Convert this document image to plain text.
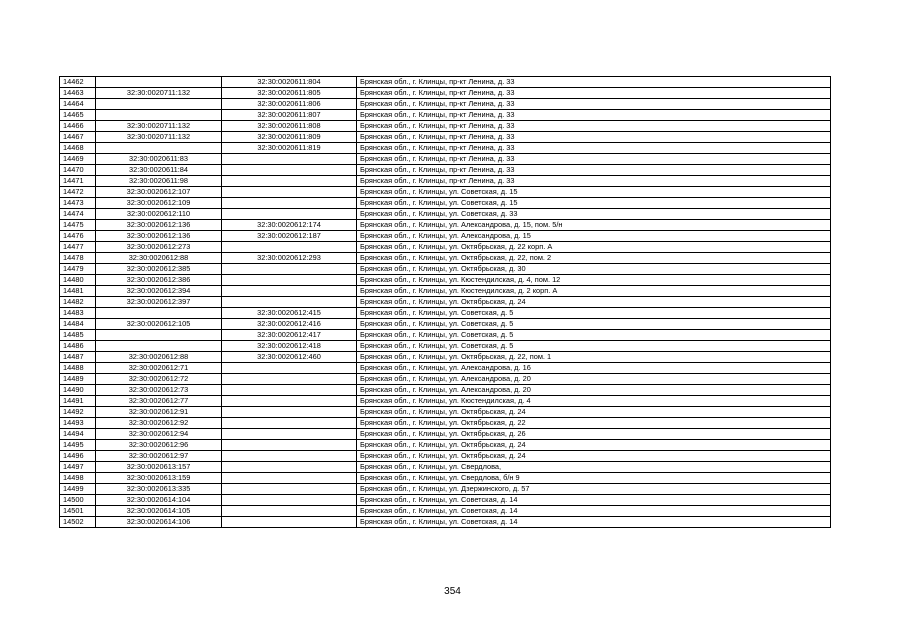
14462		32:30:0020611:804	Брянская обл., г. Клинцы, пр-кт Ленина, д. 33
14463	32:30:0020711:132	32:30:0020611:805	Брянская обл., г. Клинцы, пр-кт Ленина, д. 33
14464		32:30:0020611:806	Брянская обл., г. Клинцы, пр-кт Ленина, д. 33
14465		32:30:0020611:807	Брянская обл., г. Клинцы, пр-кт Ленина, д. 33
14466	32:30:0020711:132	32:30:0020611:808	Брянская обл., г. Клинцы, пр-кт Ленина, д. 33
14467	32:30:0020711:132	32:30:0020611:809	Брянская обл., г. Клинцы, пр-кт Ленина, д. 33
14468		32:30:0020611:819	Брянская обл., г. Клинцы, пр-кт Ленина, д. 33
14469	32:30:0020611:83		Брянская обл., г. Клинцы, пр-кт Ленина, д. 33
14470	32:30:0020611:84		Брянская обл., г. Клинцы, пр-кт Ленина, д. 33
14471	32:30:0020611:98		Брянская обл., г. Клинцы, пр-кт Ленина, д. 33
14472	32:30:0020612:107		Брянская обл., г. Клинцы, ул. Советская, д. 15
14473	32:30:0020612:109		Брянская обл., г. Клинцы, ул. Советская, д. 15
14474	32:30:0020612:110		Брянская обл., г. Клинцы, ул. Советская, д. 33
14475	32:30:0020612:136	32:30:0020612:174	Брянская обл., г. Клинцы, ул. Александрова, д. 15, пом. 5/н
14476	32:30:0020612:136	32:30:0020612:187	Брянская обл., г. Клинцы, ул. Александрова, д. 15
14477	32:30:0020612:273		Брянская обл., г. Клинцы, ул. Октябрьская, д. 22 корп. А
14478	32:30:0020612:88	32:30:0020612:293	Брянская обл., г. Клинцы, ул. Октябрьская, д. 22, пом. 2
14479	32:30:0020612:385		Брянская обл., г. Клинцы, ул. Октябрьская, д. 30
14480	32:30:0020612:386		Брянская обл., г. Клинцы, ул. Кюстендилская, д. 4, пом. 12
14481	32:30:0020612:394		Брянская обл., г. Клинцы, ул. Кюстендилская, д. 2 корп. А
14482	32:30:0020612:397		Брянская обл., г. Клинцы, ул. Октябрьская, д. 24
14483		32:30:0020612:415	Брянская обл., г. Клинцы, ул. Советская, д. 5
14484	32:30:0020612:105	32:30:0020612:416	Брянская обл., г. Клинцы, ул. Советская, д. 5
14485		32:30:0020612:417	Брянская обл., г. Клинцы, ул. Советская, д. 5
14486		32:30:0020612:418	Брянская обл., г. Клинцы, ул. Советская, д. 5
14487	32:30:0020612:88	32:30:0020612:460	Брянская обл., г. Клинцы, ул. Октябрьская, д. 22, пом. 1
14488	32:30:0020612:71		Брянская обл., г. Клинцы, ул. Александрова, д. 16
14489	32:30:0020612:72		Брянская обл., г. Клинцы, ул. Александрова, д. 20
14490	32:30:0020612:73		Брянская обл., г. Клинцы, ул. Александрова, д. 20
14491	32:30:0020612:77		Брянская обл., г. Клинцы, ул. Кюстендилская, д. 4
14492	32:30:0020612:91		Брянская обл., г. Клинцы, ул. Октябрьская, д. 24
14493	32:30:0020612:92		Брянская обл., г. Клинцы, ул. Октябрьская, д. 22
14494	32:30:0020612:94		Брянская обл., г. Клинцы, ул. Октябрьская, д. 26
14495	32:30:0020612:96		Брянская обл., г. Клинцы, ул. Октябрьская, д. 24
14496	32:30:0020612:97		Брянская обл., г. Клинцы, ул. Октябрьская, д. 24
14497	32:30:0020613:157		Брянская обл., г. Клинцы, ул. Свердлова,
14498	32:30:0020613:159		Брянская обл., г. Клинцы, ул. Свердлова, б/н 9
14499	32:30:0020613:335		Брянская обл., г. Клинцы, ул. Дзержинского, д. 57
14500	32:30:0020614:104		Брянская обл., г. Клинцы, ул. Советская, д. 14
14501	32:30:0020614:105		Брянская обл., г. Клинцы, ул. Советская, д. 14
14502	32:30:0020614:106		Брянская обл., г. Клинцы, ул. Советская, д. 14
354
